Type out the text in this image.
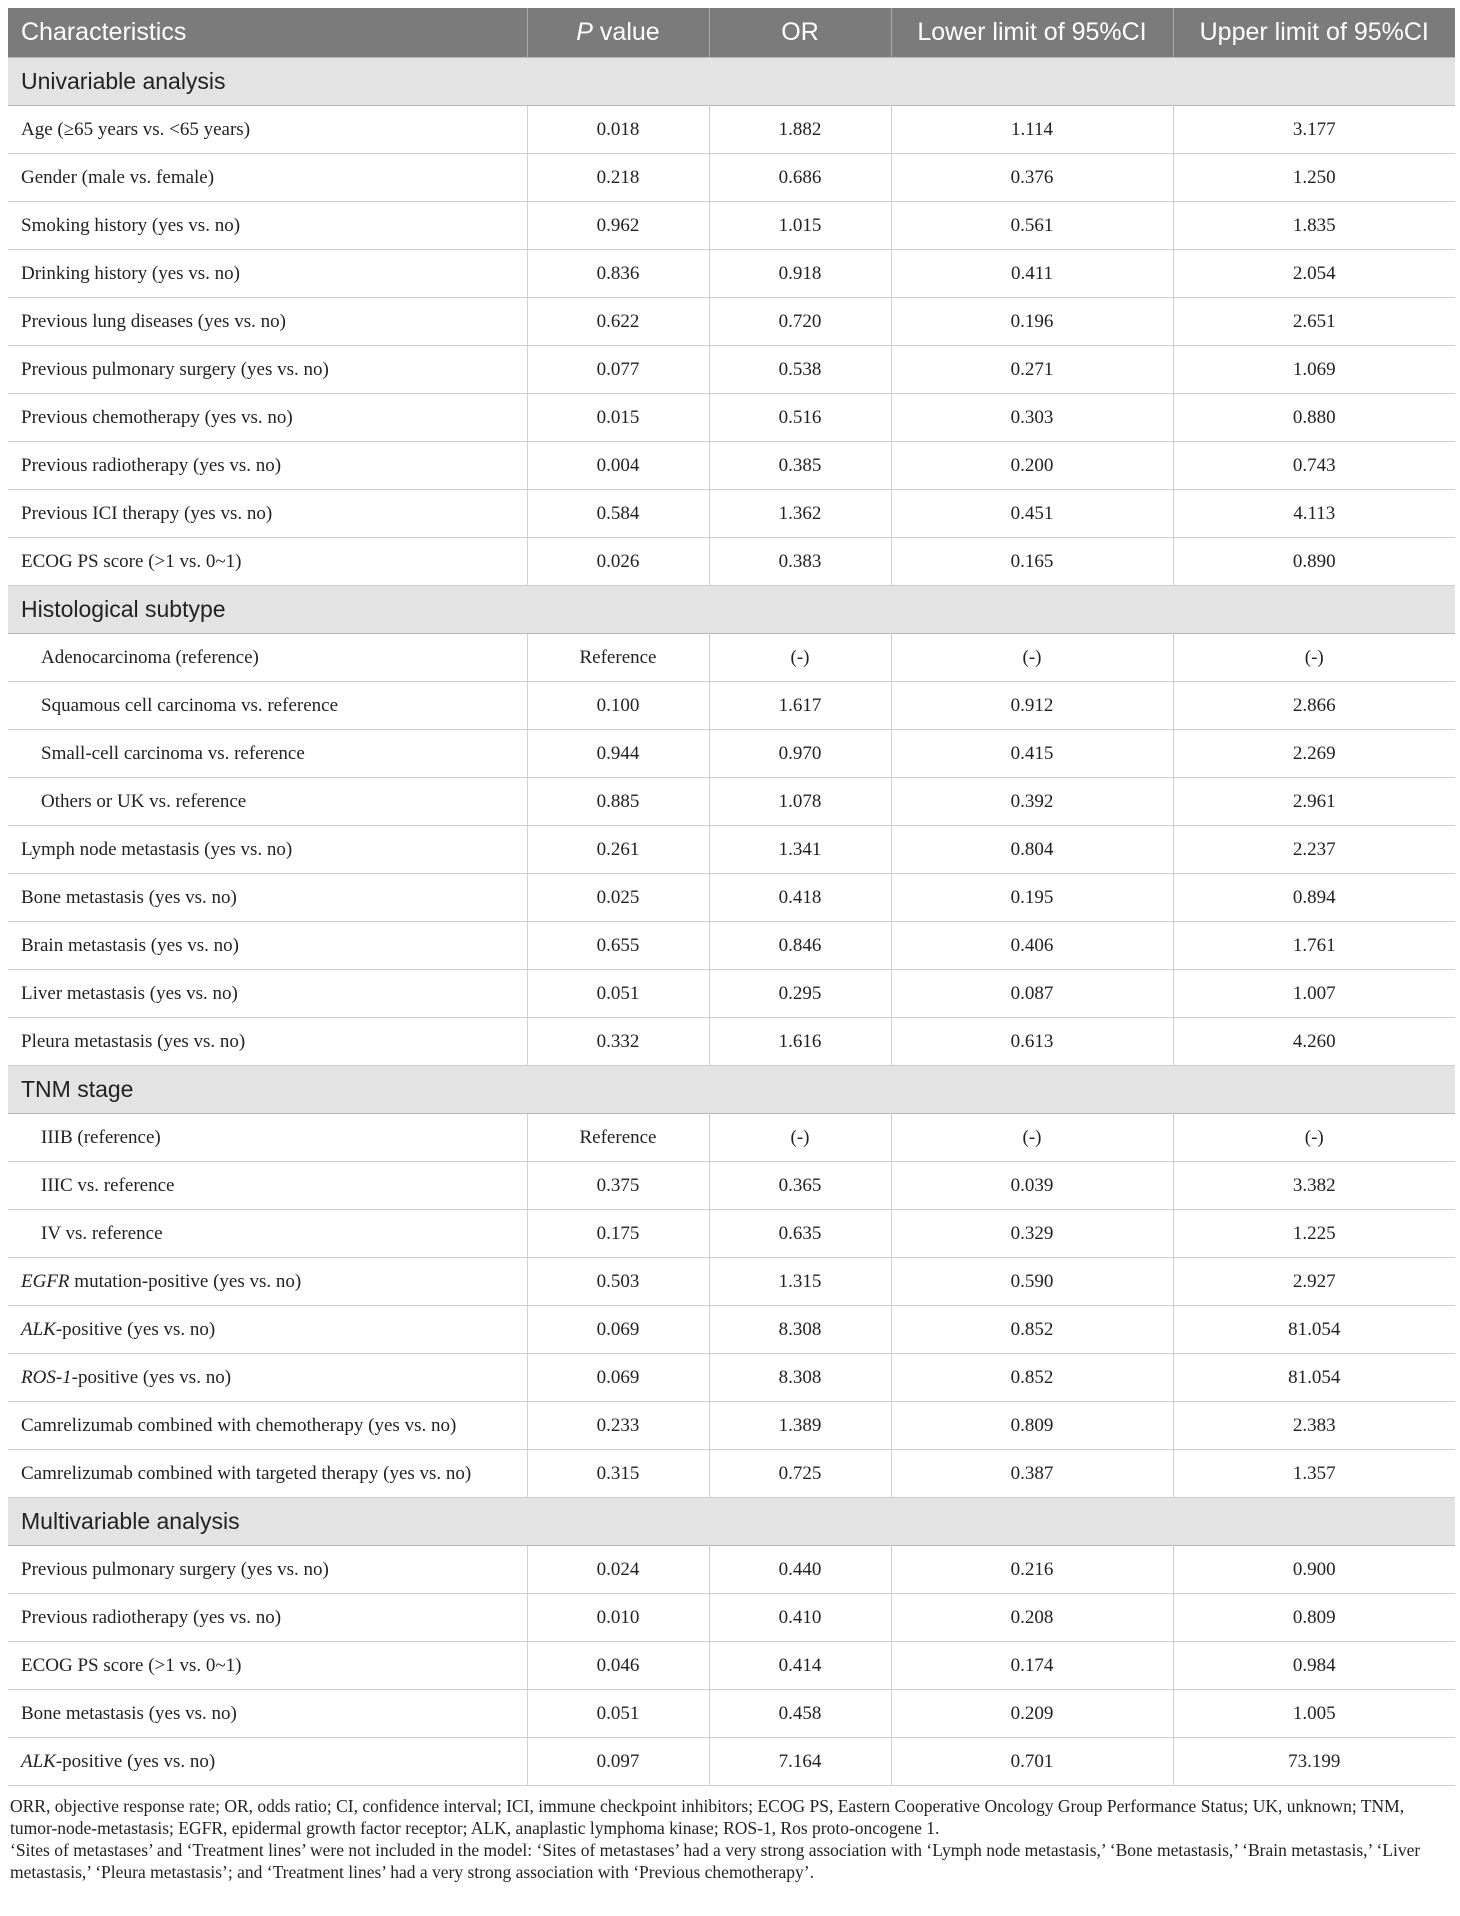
Characteristics	P value	OR	Lower limit of 95%CI	Upper limit of 95%CI
Univariable analysis				
Age (≥65 years vs. <65 years)	0.018	1.882	1.114	3.177
Gender (male vs. female)	0.218	0.686	0.376	1.250
Smoking history (yes vs. no)	0.962	1.015	0.561	1.835
Drinking history (yes vs. no)	0.836	0.918	0.411	2.054
Previous lung diseases (yes vs. no)	0.622	0.720	0.196	2.651
Previous pulmonary surgery (yes vs. no)	0.077	0.538	0.271	1.069
Previous chemotherapy (yes vs. no)	0.015	0.516	0.303	0.880
Previous radiotherapy (yes vs. no)	0.004	0.385	0.200	0.743
Previous ICI therapy (yes vs. no)	0.584	1.362	0.451	4.113
ECOG PS score (>1 vs. 0~1)	0.026	0.383	0.165	0.890
Histological subtype				
Adenocarcinoma (reference)	Reference	(-)	(-)	(-)
Squamous cell carcinoma vs. reference	0.100	1.617	0.912	2.866
Small-cell carcinoma vs. reference	0.944	0.970	0.415	2.269
Others or UK vs. reference	0.885	1.078	0.392	2.961
Lymph node metastasis (yes vs. no)	0.261	1.341	0.804	2.237
Bone metastasis (yes vs. no)	0.025	0.418	0.195	0.894
Brain metastasis (yes vs. no)	0.655	0.846	0.406	1.761
Liver metastasis (yes vs. no)	0.051	0.295	0.087	1.007
Pleura metastasis (yes vs. no)	0.332	1.616	0.613	4.260
TNM stage				
IIIB (reference)	Reference	(-)	(-)	(-)
IIIC vs. reference	0.375	0.365	0.039	3.382
IV vs. reference	0.175	0.635	0.329	1.225
EGFR mutation-positive (yes vs. no)	0.503	1.315	0.590	2.927
ALK-positive (yes vs. no)	0.069	8.308	0.852	81.054
ROS-1-positive (yes vs. no)	0.069	8.308	0.852	81.054
Camrelizumab combined with chemotherapy (yes vs. no)	0.233	1.389	0.809	2.383
Camrelizumab combined with targeted therapy (yes vs. no)	0.315	0.725	0.387	1.357
Multivariable analysis				
Previous pulmonary surgery (yes vs. no)	0.024	0.440	0.216	0.900
Previous radiotherapy (yes vs. no)	0.010	0.410	0.208	0.809
ECOG PS score (>1 vs. 0~1)	0.046	0.414	0.174	0.984
Bone metastasis (yes vs. no)	0.051	0.458	0.209	1.005
ALK-positive (yes vs. no)	0.097	7.164	0.701	73.199

ORR, objective response rate; OR, odds ratio; CI, confidence interval; ICI, immune checkpoint inhibitors; ECOG PS, Eastern Cooperative Oncology Group Performance Status; UK, unknown; TNM, tumor-node-metastasis; EGFR, epidermal growth factor receptor; ALK, anaplastic lymphoma kinase; ROS-1, Ros proto-oncogene 1.

‘Sites of metastases’ and ‘Treatment lines’ were not included in the model: ‘Sites of metastases’ had a very strong association with ‘Lymph node metastasis,’ ‘Bone metastasis,’ ‘Brain metastasis,’ ‘Liver metastasis,’ ‘Pleura metastasis’; and ‘Treatment lines’ had a very strong association with ‘Previous chemotherapy’.
